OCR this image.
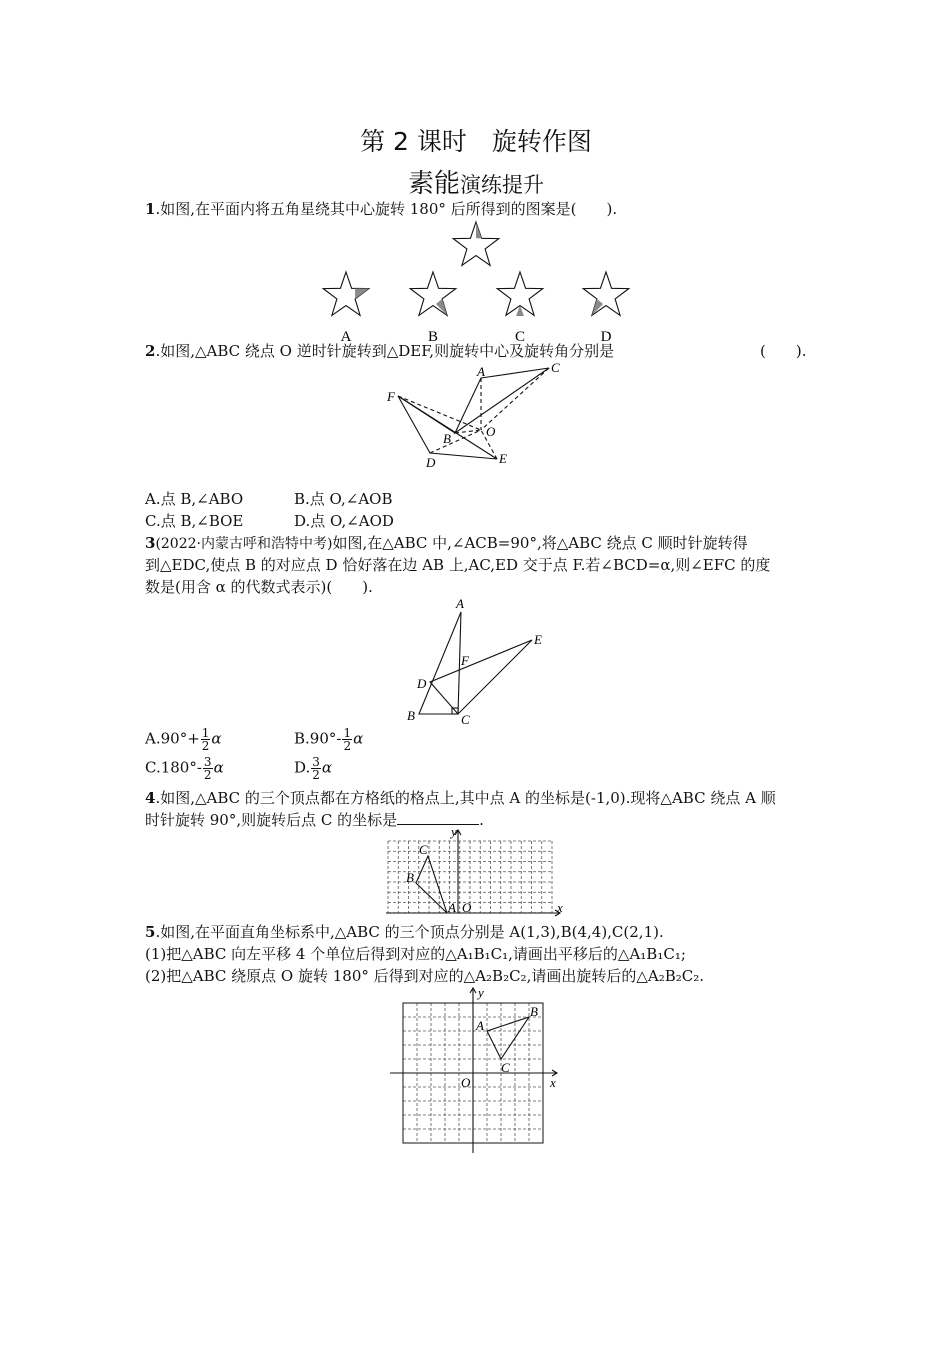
第 2 课时　旋转作图
素能演练提升
1.如图,在平面内将五角星绕其中心旋转 180° 后所得到的图案是(　　).
A	B	C	D
2.如图,△ABC 绕点 O 逆时针旋转到△DEF,则旋转中心及旋转角分别是	(　　).
A	C
F
O
B
D	E
A.点 B,∠ABO	B.点 O,∠AOB
C.点 B,∠BOE	D.点 O,∠AOD
3(2022·内蒙古呼和浩特中考)如图,在△ABC 中,∠ACB=90°,将△ABC 绕点 C 顺时针旋转得
到△EDC,使点 B 的对应点 D 恰好落在边 AB 上,AC,ED 交于点 F.若∠BCD=α,则∠EFC 的度
数是(用含 α 的代数式表示)(　　).
A
E
F
D
B	C
$A.90^\circ+ \frac{1}{2}$ α	$B.90^\circ- \frac{1}{2}$ α
$C.180^\circ- \frac{3}{2}$ α	D. $\frac{3}{2}$ α
4.如图,△ABC 的三个顶点都在方格纸的格点上,其中点 A 的坐标是(-1,0).现将△ABC 绕点 A 顺
时针旋转 90°,则旋转后点 C 的坐标是	.
y
C
B
A O	x
5.如图,在平面直角坐标系中,△ABC 的三个顶点分别是 A(1,3),B(4,4),C(2,1).
(1)把△ABC 向左平移 4 个单位后得到对应的△A₁B₁C₁,请画出平移后的△A₁B₁C₁;
(2)把△ABC 绕原点 O 旋转 180° 后得到对应的△A₂B₂C₂,请画出旋转后的△A₂B₂C₂.
y
A
B
C
O	x
